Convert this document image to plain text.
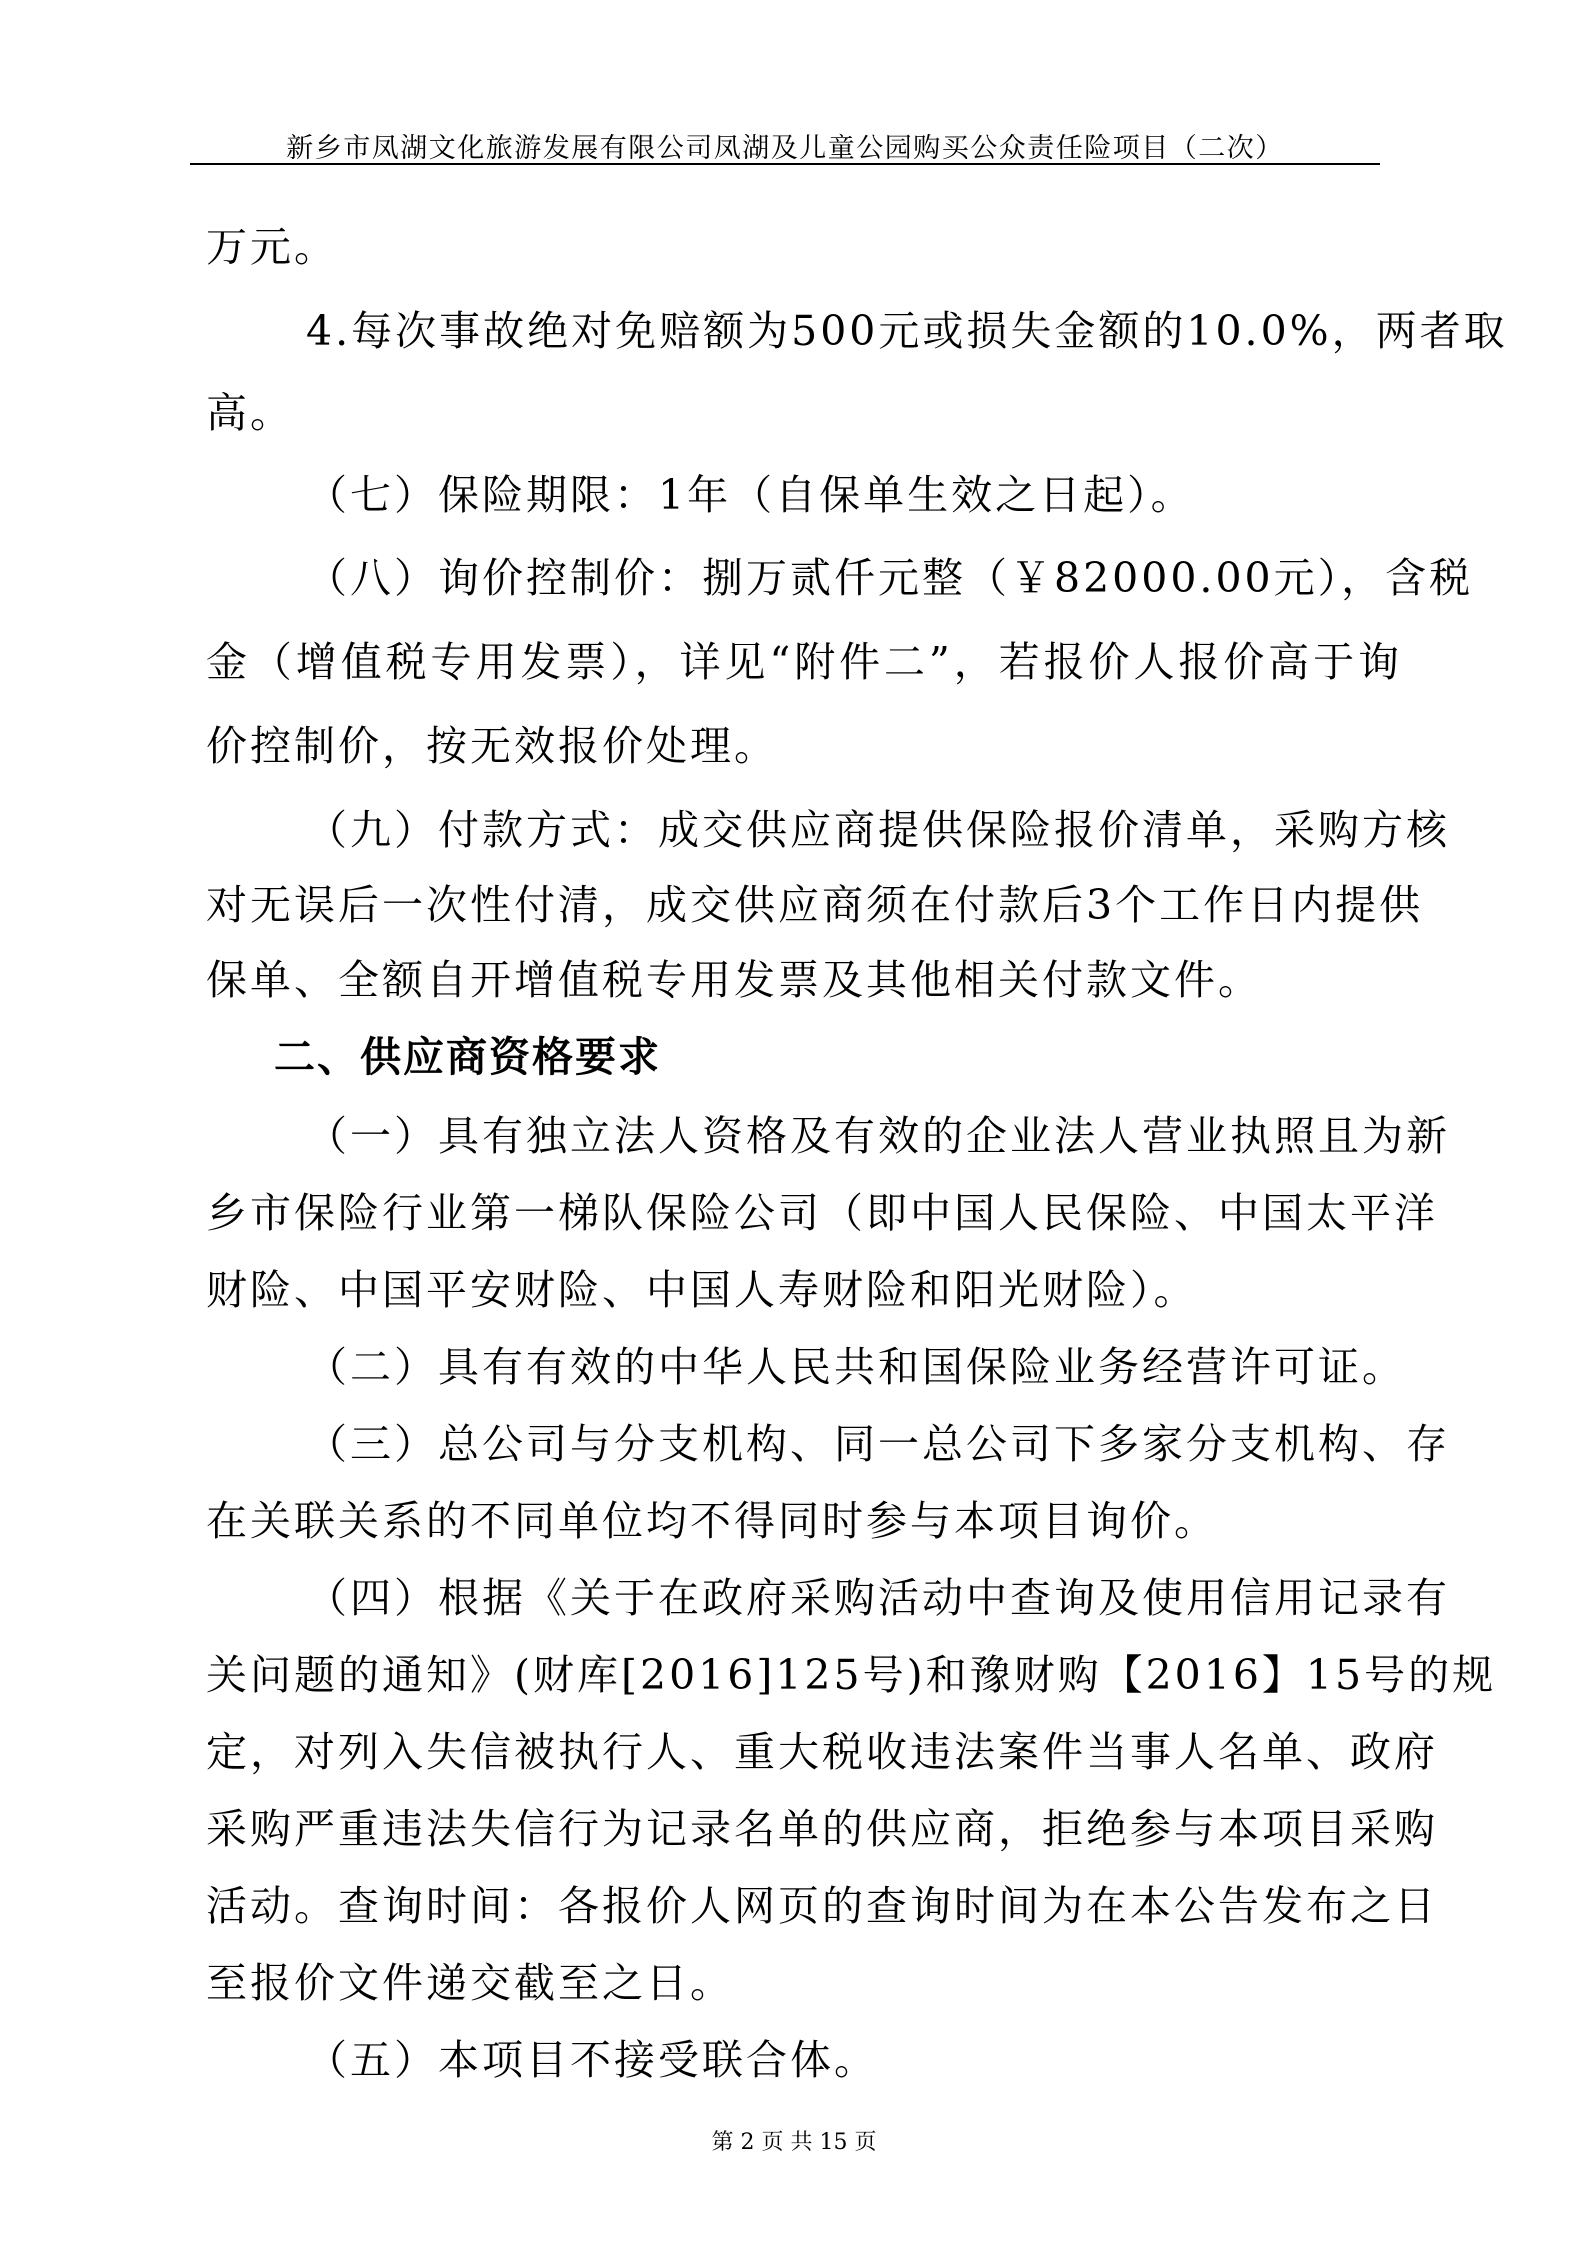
新乡市凤湖文化旅游发展有限公司凤湖及儿童公园购买公众责任险项目（二次）
万元。
4.每次事故绝对免赔额为500元或损失金额的10.0%，两者取
高。
（七）保险期限：1年（自保单生效之日起）。
（八）询价控制价：捌万贰仟元整（￥82000.00元），含税
金（增值税专用发票），详见“附件二”，若报价人报价高于询
价控制价，按无效报价处理。
（九）付款方式：成交供应商提供保险报价清单，采购方核
对无误后一次性付清，成交供应商须在付款后3个工作日内提供
保单、全额自开增值税专用发票及其他相关付款文件。
二、供应商资格要求
（一）具有独立法人资格及有效的企业法人营业执照且为新
乡市保险行业第一梯队保险公司（即中国人民保险、中国太平洋
财险、中国平安财险、中国人寿财险和阳光财险）。
（二）具有有效的中华人民共和国保险业务经营许可证。
（三）总公司与分支机构、同一总公司下多家分支机构、存
在关联关系的不同单位均不得同时参与本项目询价。
（四）根据《关于在政府采购活动中查询及使用信用记录有
关问题的通知》(财库[2016]125号)和豫财购【2016】15号的规
定，对列入失信被执行人、重大税收违法案件当事人名单、政府
采购严重违法失信行为记录名单的供应商，拒绝参与本项目采购
活动。查询时间：各报价人网页的查询时间为在本公告发布之日
至报价文件递交截至之日。
（五）本项目不接受联合体。
第 2 页 共 15 页
